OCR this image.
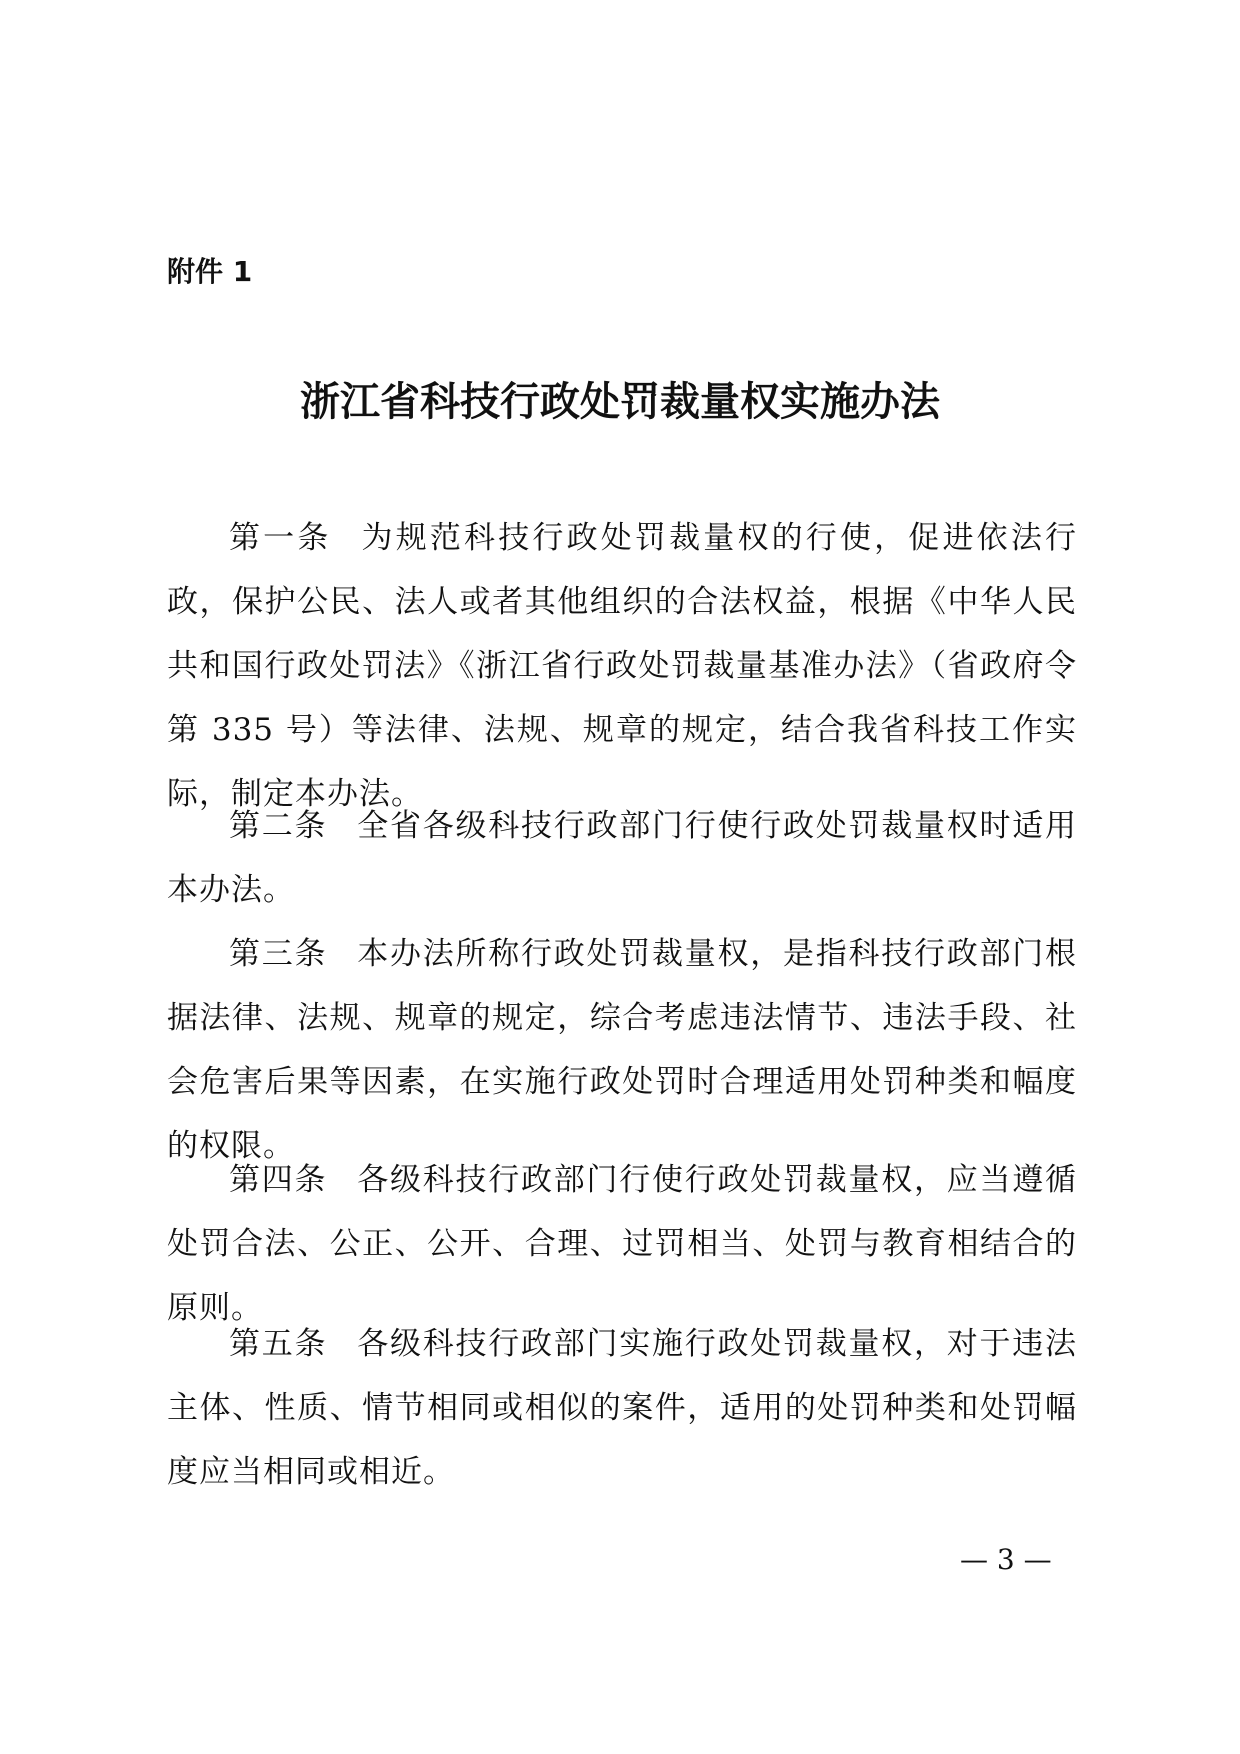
附件 1
浙江省科技行政处罚裁量权实施办法

第一条 为规范科技行政处罚裁量权的行使，促进依法行政，保护公民、法人或者其他组织的合法权益，根据《中华人民共和国行政处罚法》《浙江省行政处罚裁量基准办法》（省政府令第 335 号）等法律、法规、规章的规定，结合我省科技工作实际，制定本办法。

第二条 全省各级科技行政部门行使行政处罚裁量权时适用本办法。

第三条 本办法所称行政处罚裁量权，是指科技行政部门根据法律、法规、规章的规定，综合考虑违法情节、违法手段、社会危害后果等因素，在实施行政处罚时合理适用处罚种类和幅度的权限。

第四条 各级科技行政部门行使行政处罚裁量权，应当遵循处罚合法、公正、公开、合理、过罚相当、处罚与教育相结合的原则。

第五条 各级科技行政部门实施行政处罚裁量权，对于违法主体、性质、情节相同或相似的案件，适用的处罚种类和处罚幅度应当相同或相近。

— 3 —
